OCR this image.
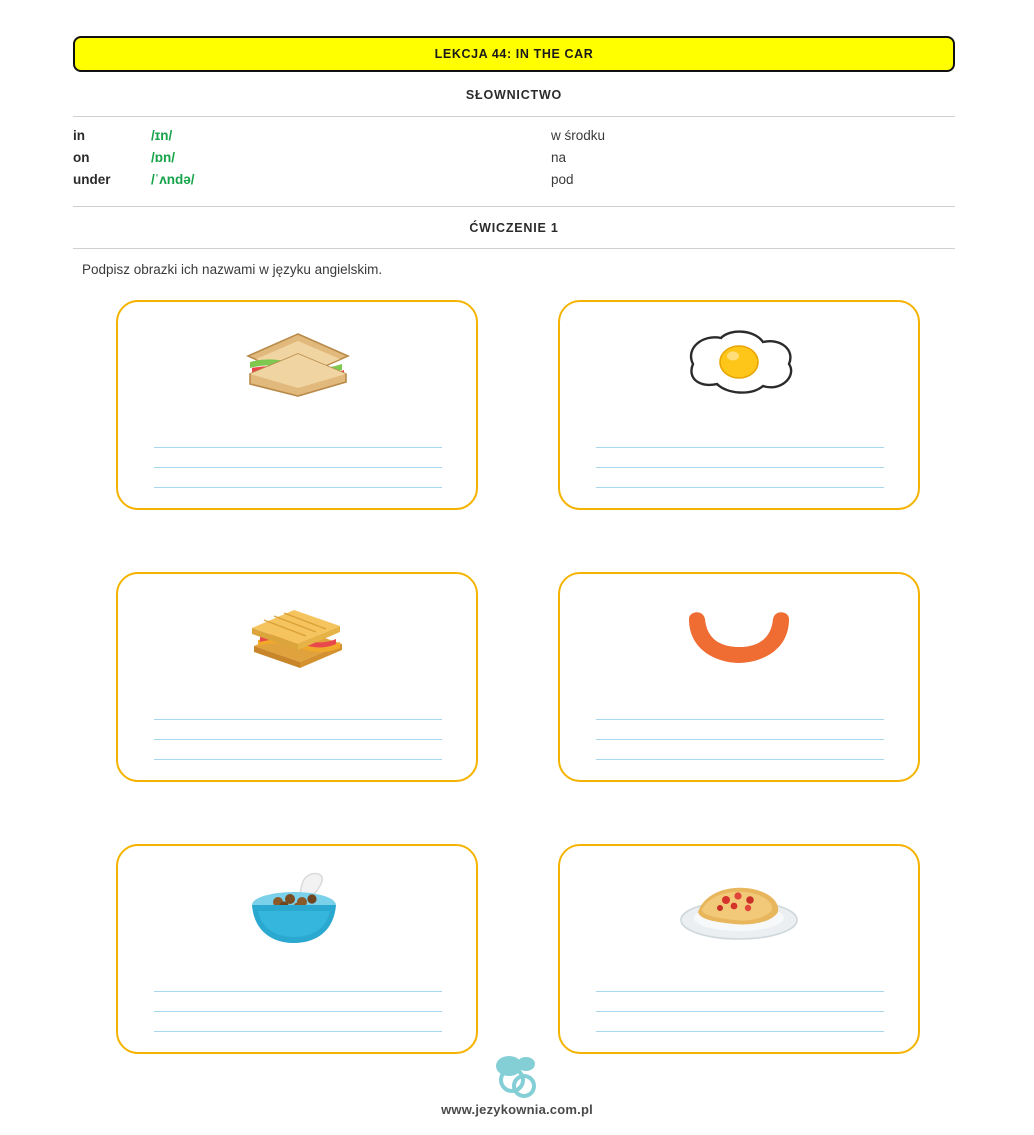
LEKCJA 44: IN THE CAR
SŁOWNICTWO
in	/ɪn/	w środku
on	/ɒn/	na
under	/ˈʌndə/	pod
ĆWICZENIE 1
Podpisz obrazki ich nazwami w języku angielskim.
www.jezykownia.com.pl
